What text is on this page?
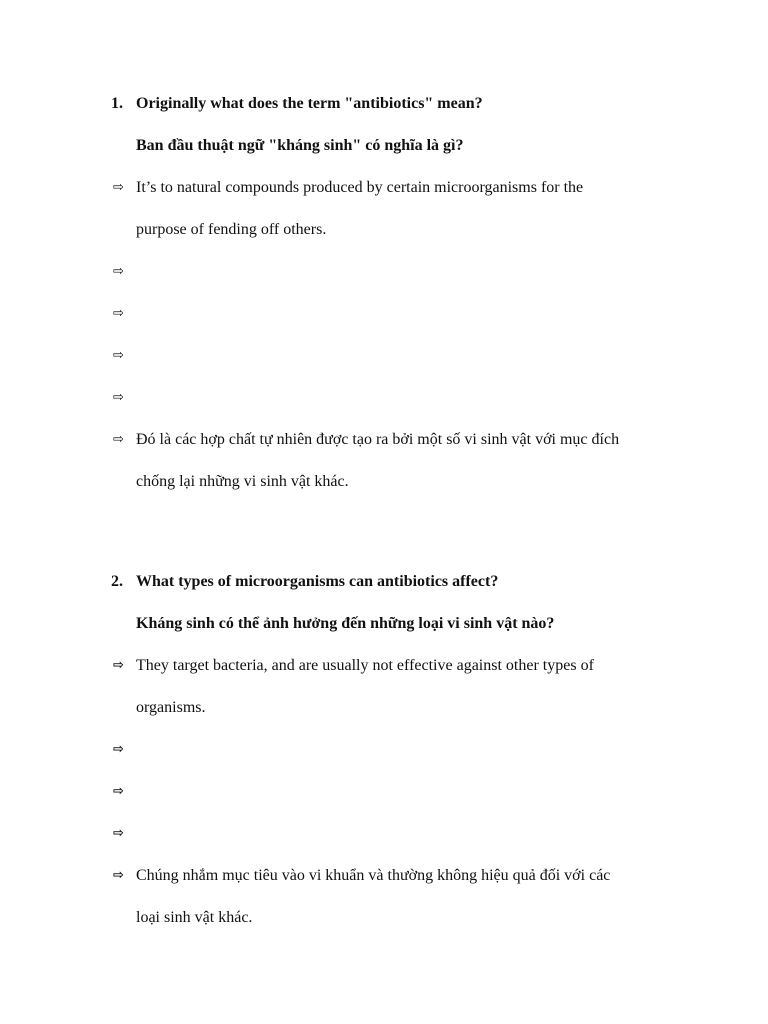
1. Originally what does the term "antibiotics" mean?
Ban đầu thuật ngữ "kháng sinh" có nghĩa là gì?
⇨ It’s to natural compounds produced by certain microorganisms for the
purpose of fending off others.
⇨
⇨
⇨
⇨
⇨ Đó là các hợp chất tự nhiên được tạo ra bởi một số vi sinh vật với mục đích
chống lại những vi sinh vật khác.
2. What types of microorganisms can antibiotics affect?
Kháng sinh có thể ảnh hưởng đến những loại vi sinh vật nào?
⇨ They target bacteria, and are usually not effective against other types of
organisms.
⇨
⇨
⇨
⇨ Chúng nhắm mục tiêu vào vi khuẩn và thường không hiệu quả đối với các
loại sinh vật khác.
